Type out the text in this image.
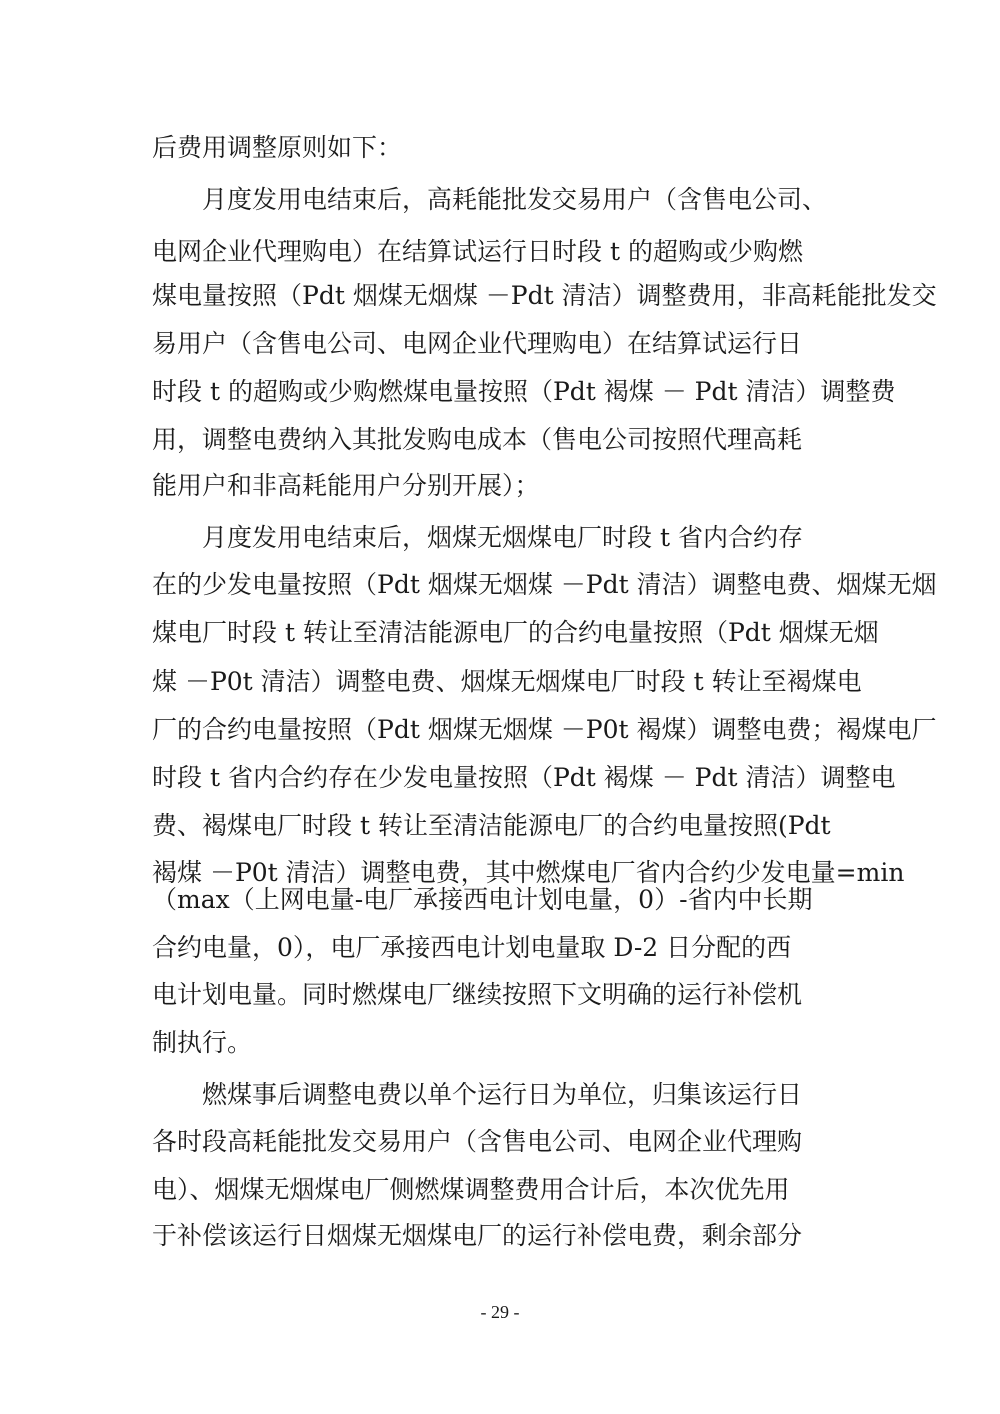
后费用调整原则如下：
　　月度发用电结束后，高耗能批发交易用户（含售电公司、
电网企业代理购电）在结算试运行日时段 t 的超购或少购燃
煤电量按照（Pdt 烟煤无烟煤 －Pdt 清洁）调整费用，非高耗能批发交
易用户（含售电公司、电网企业代理购电）在结算试运行日
时段 t 的超购或少购燃煤电量按照（Pdt 褐煤 － Pdt 清洁）调整费
用，调整电费纳入其批发购电成本（售电公司按照代理高耗
能用户和非高耗能用户分别开展）；
　　月度发用电结束后，烟煤无烟煤电厂时段 t 省内合约存
在的少发电量按照（Pdt 烟煤无烟煤 －Pdt 清洁）调整电费、烟煤无烟
煤电厂时段 t 转让至清洁能源电厂的合约电量按照（Pdt 烟煤无烟
煤 －P0t 清洁）调整电费、烟煤无烟煤电厂时段 t 转让至褐煤电
厂的合约电量按照（Pdt 烟煤无烟煤 －P0t 褐煤）调整电费；褐煤电厂
时段 t 省内合约存在少发电量按照（Pdt 褐煤 － Pdt 清洁）调整电
费、褐煤电厂时段 t 转让至清洁能源电厂的合约电量按照(Pdt
褐煤 －P0t 清洁）调整电费，其中燃煤电厂省内合约少发电量=min
（max（上网电量-电厂承接西电计划电量，0）-省内中长期
合约电量，0），电厂承接西电计划电量取 D-2 日分配的西
电计划电量。同时燃煤电厂继续按照下文明确的运行补偿机
制执行。
　　燃煤事后调整电费以单个运行日为单位，归集该运行日
各时段高耗能批发交易用户（含售电公司、电网企业代理购
电）、烟煤无烟煤电厂侧燃煤调整费用合计后，本次优先用
于补偿该运行日烟煤无烟煤电厂的运行补偿电费，剩余部分
- 29 -
